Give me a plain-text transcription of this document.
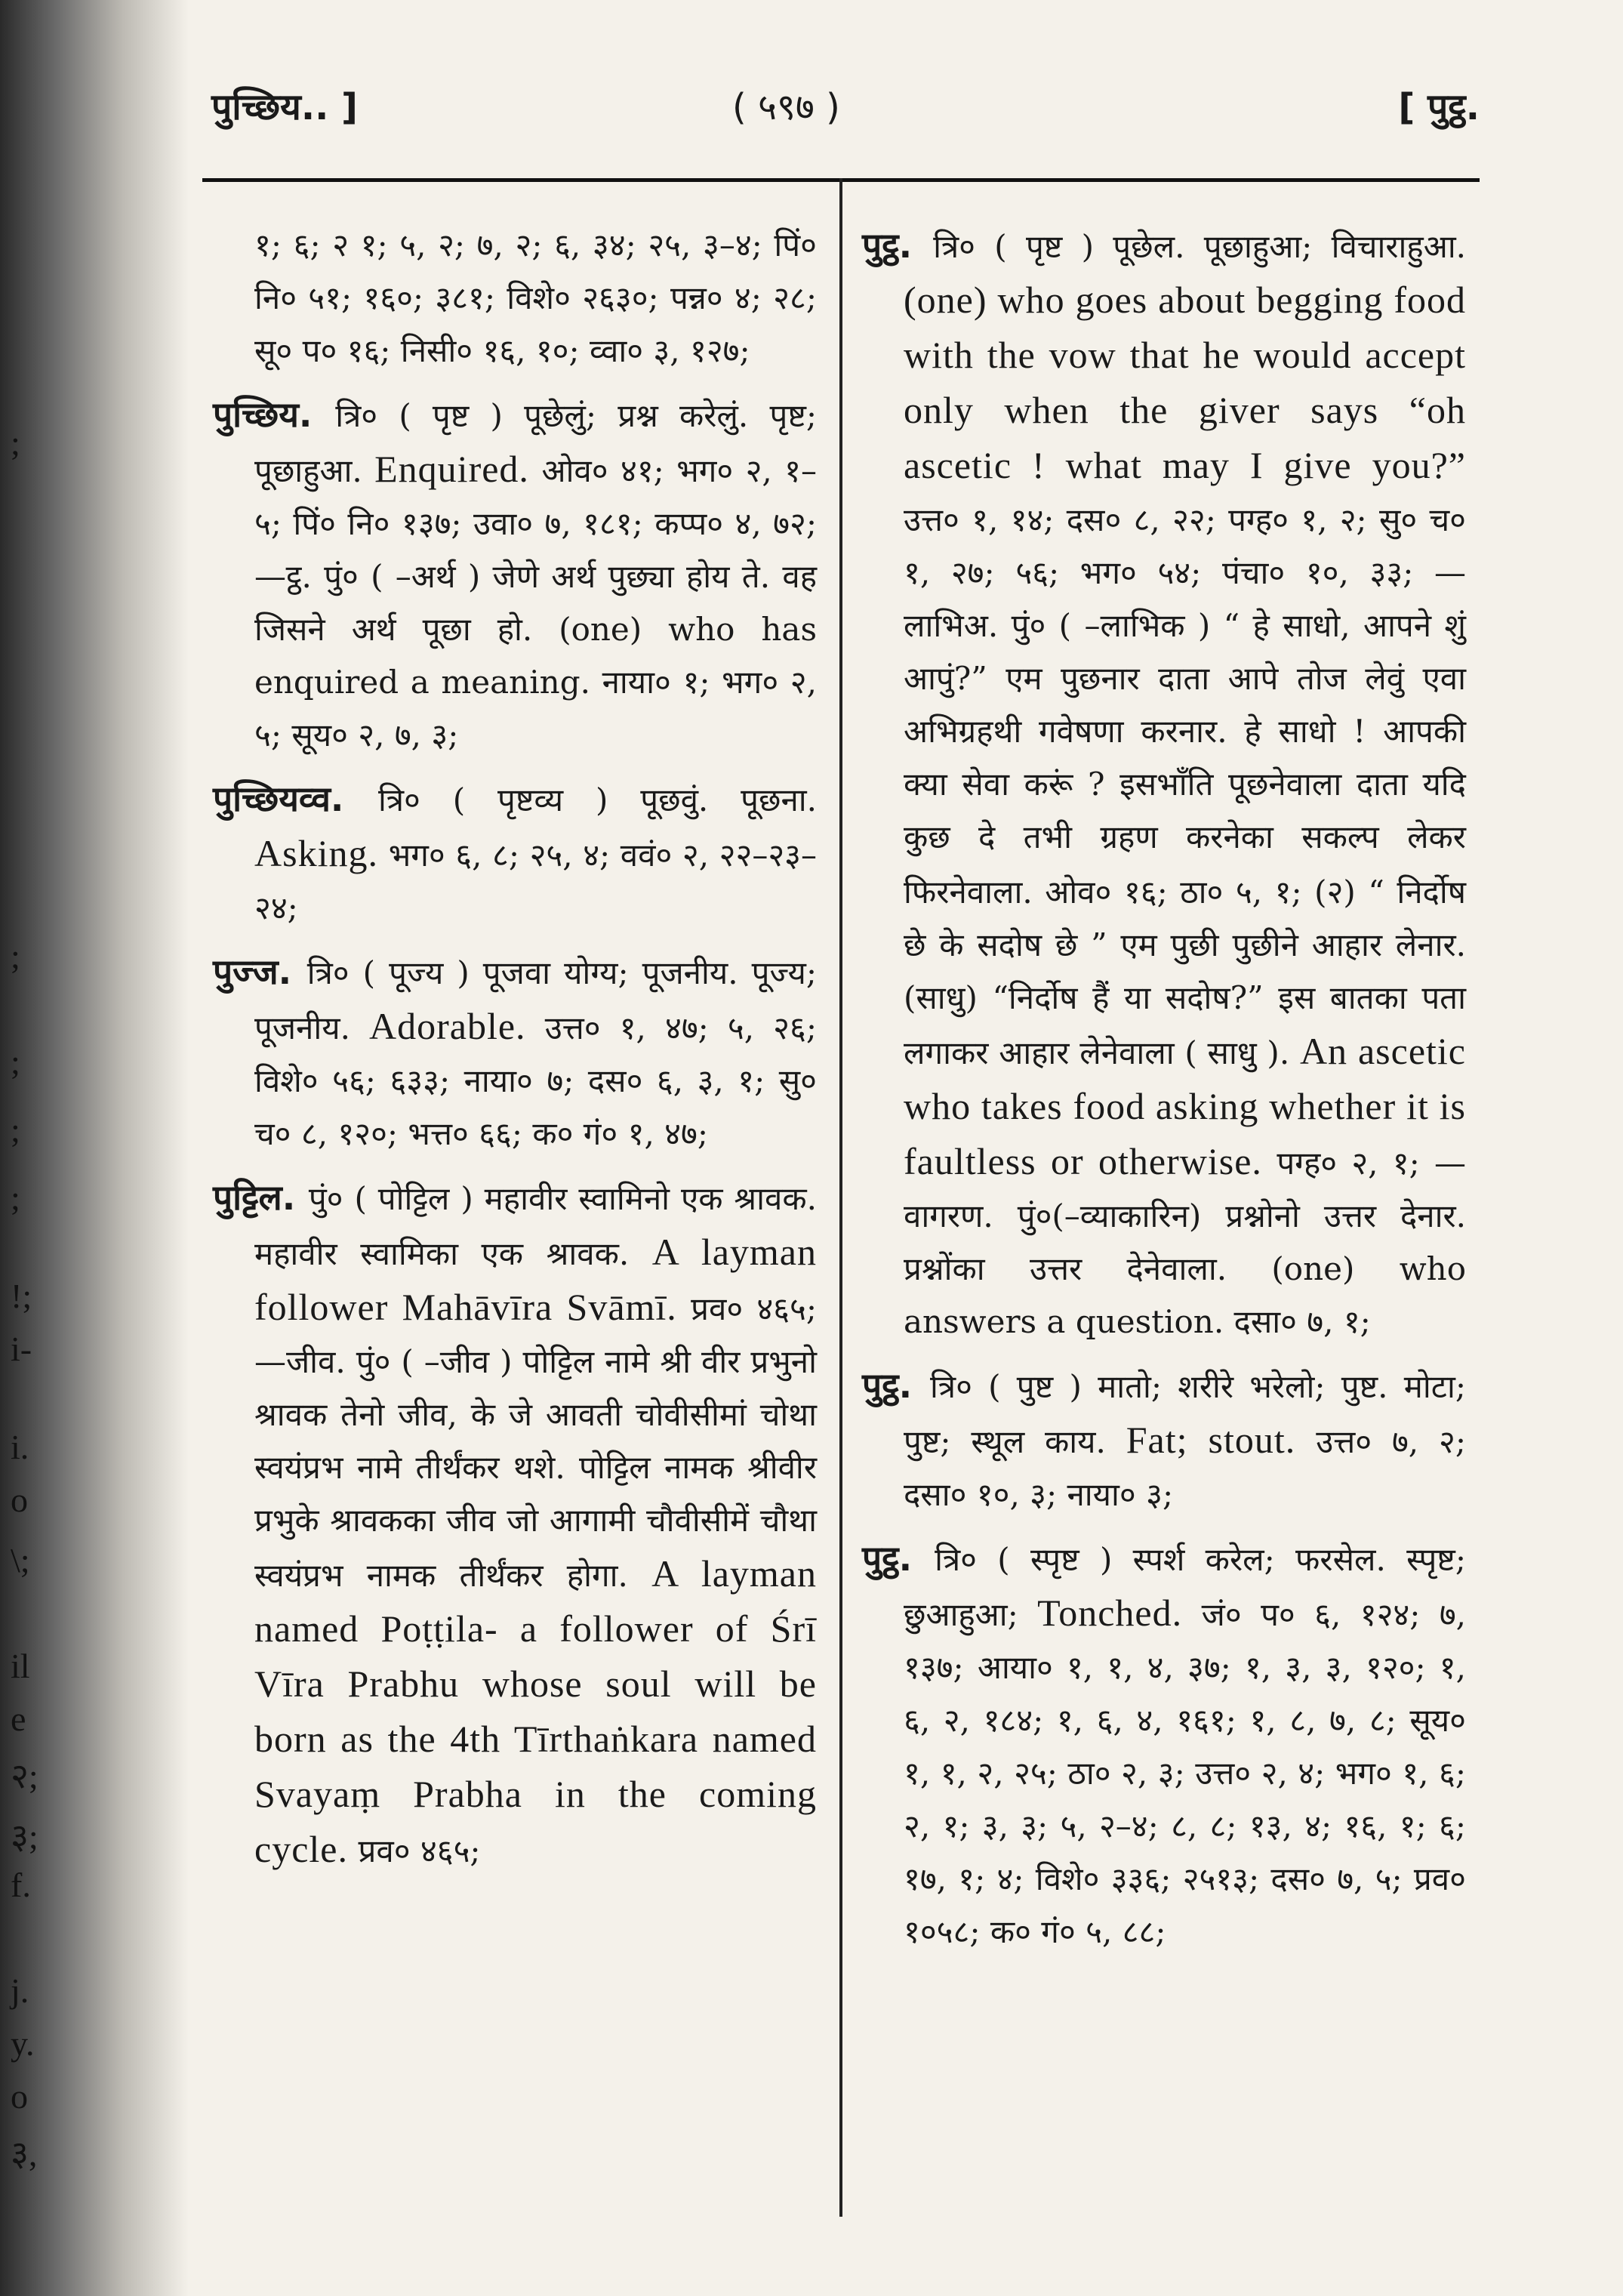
;
;
;
;
;
!;
i-
i.
o
\;
il
e
२;
३;
f.
j.
y.
o
३,
पुच्छिय.. ]	( ५९७ )	[ पुट्ठ.
१; ६; २ १; ५, २; ७, २; ६, ३४; २५, ३–४; पिं० नि० ५१; १६०; ३८१; विशे० २६३०; पन्न० ४; २८; सू० प० १६; निसी० १६, १०; व्वा० ३, १२७;
पुच्छिय. त्रि० ( पृष्ट ) पूछेलुं; प्रश्न करेलुं. पृष्ट; पूछाहुआ. Enquired. ओव० ४१; भग० २, १–५; पिं० नि० १३७; उवा० ७, १८१; कप्प० ४, ७२; —ट्ठ. पुं० ( –अर्थ ) जेणे अर्थ पुछ्या होय ते. वह जिसने अर्थ पूछा हो. (one) who has enquired a meaning. नाया० १; भग० २, ५; सूय० २, ७, ३;
पुच्छियव्व. त्रि० ( पृष्टव्य ) पूछवुं. पूछना. Asking. भग० ६, ८; २५, ४; ववं० २, २२–२३–२४;
पुज्ज. त्रि० ( पूज्य ) पूजवा योग्य; पूजनीय. पूज्य; पूजनीय. Adorable. उत्त० १, ४७; ५, २६; विशे० ५६; ६३३; नाया० ७; दस० ६, ३, १; सु० च० ८, १२०; भत्त० ६६; क० गं० १, ४७;
पुट्टिल. पुं० ( पोट्टिल ) महावीर स्वामिनो एक श्रावक. महावीर स्वामिका एक श्रावक. A layman follower Mahāvīra Svāmī. प्रव० ४६५; —जीव. पुं० ( –जीव ) पोट्टिल नामे श्री वीर प्रभुनो श्रावक तेनो जीव, के जे आवती चोवीसीमां चोथा स्वयंप्रभ नामे तीर्थंकर थशे. पोट्टिल नामक श्रीवीर प्रभुके श्रावकका जीव जो आगामी चौवीसीमें चौथा स्वयंप्रभ नामक तीर्थंकर होगा. A layman named Poṭṭila- a follower of Śrī Vīra Prabhu whose soul will be born as the 4th Tīrthaṅkara named Svayaṃ Prabha in the coming cycle. प्रव० ४६५;
पुट्ठ. त्रि० ( पृष्ट ) पूछेल. पूछाहुआ; विचाराहुआ. (one) who goes about begging food with the vow that he would accept only when the giver says “oh ascetic ! what may I give you?” उत्त० १, १४; दस० ८, २२; पग्ह० १, २; सु० च० १, २७; ५६; भग० ५४; पंचा० १०, ३३; —लाभिअ. पुं० ( –लाभिक ) “ हे साधो, आपने शुं आपुं?” एम पुछनार दाता आपे तोज लेवुं एवा अभिग्रहथी गवेषणा करनार. हे साधो ! आपकी क्या सेवा करूं ? इसभाँति पूछनेवाला दाता यदि कुछ दे तभी ग्रहण करनेका सकल्प लेकर फिरनेवाला. ओव० १६; ठा० ५, १; (२) “ निर्दोष छे के सदोष छे ” एम पुछी पुछीने आहार लेनार. (साधु) “निर्दोष हैं या सदोष?” इस बातका पता लगाकर आहार लेनेवाला ( साधु ). An ascetic who takes food asking whether it is faultless or otherwise. पग्ह० २, १; —वागरण. पुं०(–व्याकारिन) प्रश्नोनो उत्तर देनार. प्रश्नोंका उत्तर देनेवाला. (one) who answers a question. दसा० ७, १;
पुट्ठ. त्रि० ( पुष्ट ) मातो; शरीरे भरेलो; पुष्ट. मोटा; पुष्ट; स्थूल काय. Fat; stout. उत्त० ७, २; दसा० १०, ३; नाया० ३;
पुट्ठ. त्रि० ( स्पृष्ट ) स्पर्श करेल; फरसेल. स्पृष्ट; छुआहुआ; Tonched. जं० प० ६, १२४; ७, १३७; आया० १, १, ४, ३७; १, ३, ३, १२०; १, ६, २, १८४; १, ६, ४, १६१; १, ८, ७, ८; सूय० १, १, २, २५; ठा० २, ३; उत्त० २, ४; भग० १, ६; २, १; ३, ३; ५, २–४; ८, ८; १३, ४; १६, १; ६; १७, १; ४; विशे० ३३६; २५१३; दस० ७, ५; प्रव० १०५८; क० गं० ५, ८८;
